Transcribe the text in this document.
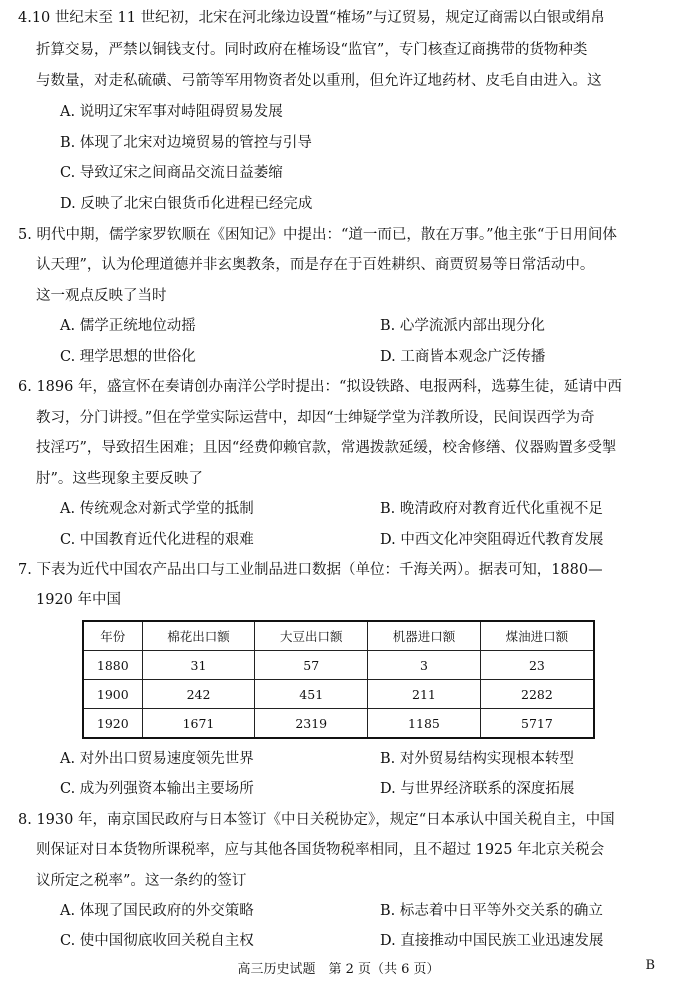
4.10 世纪末至 11 世纪初，北宋在河北缘边设置“榷场”与辽贸易，规定辽商需以白银或绢帛
折算交易，严禁以铜钱支付。同时政府在榷场设“监官”，专门核查辽商携带的货物种类
与数量，对走私硫磺、弓箭等军用物资者处以重刑，但允许辽地药材、皮毛自由进入。这
A. 说明辽宋军事对峙阻碍贸易发展
B. 体现了北宋对边境贸易的管控与引导
C. 导致辽宋之间商品交流日益萎缩
D. 反映了北宋白银货币化进程已经完成
5. 明代中期，儒学家罗钦顺在《困知记》中提出：“道一而已，散在万事。”他主张“于日用间体
认天理”，认为伦理道德并非玄奥教条，而是存在于百姓耕织、商贾贸易等日常活动中。
这一观点反映了当时
A. 儒学正统地位动摇	B. 心学流派内部出现分化
C. 理学思想的世俗化	D. 工商皆本观念广泛传播
6. 1896 年，盛宣怀在奏请创办南洋公学时提出：“拟设铁路、电报两科，选募生徒，延请中西
教习，分门讲授。”但在学堂实际运营中，却因“士绅疑学堂为洋教所设，民间误西学为奇
技淫巧”，导致招生困难；且因“经费仰赖官款，常遇拨款延缓，校舍修缮、仪器购置多受掣
肘”。这些现象主要反映了
A. 传统观念对新式学堂的抵制	B. 晚清政府对教育近代化重视不足
C. 中国教育近代化进程的艰难	D. 中西文化冲突阻碍近代教育发展
7. 下表为近代中国农产品出口与工业制品进口数据（单位：千海关两）。据表可知，1880—
1920 年中国
年份	棉花出口额	大豆出口额	机器进口额	煤油进口额
1880	31	57	3	23
1900	242	451	211	2282
1920	1671	2319	1185	5717
A. 对外出口贸易速度领先世界	B. 对外贸易结构实现根本转型
C. 成为列强资本输出主要场所	D. 与世界经济联系的深度拓展
8. 1930 年，南京国民政府与日本签订《中日关税协定》，规定“日本承认中国关税自主，中国
则保证对日本货物所课税率，应与其他各国货物税率相同，且不超过 1925 年北京关税会
议所定之税率”。这一条约的签订
A. 体现了国民政府的外交策略	B. 标志着中日平等外交关系的确立
C. 使中国彻底收回关税自主权	D. 直接推动中国民族工业迅速发展
高三历史试题　第 2 页（共 6 页）	B
